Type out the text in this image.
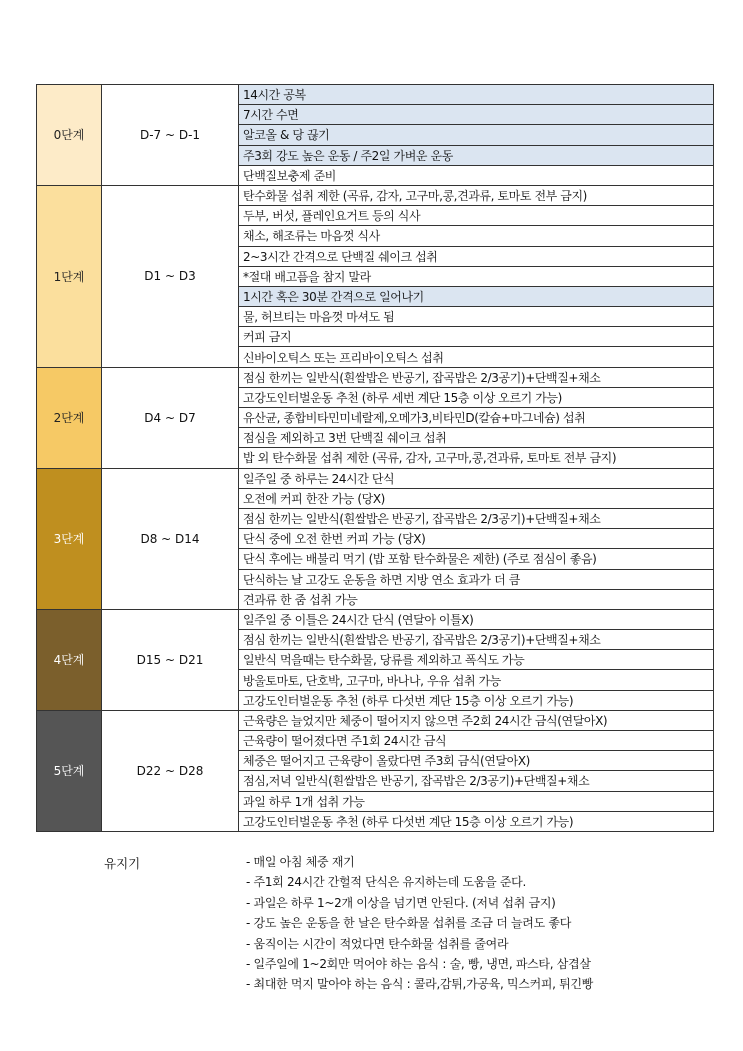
0단계	D-7 ~ D-1	14시간 공복
		7시간 수면
		알코올 & 당 끊기
		주3회 강도 높은 운동 / 주2일 가벼운 운동
		단백질보충제 준비
1단계	D1 ~ D3	탄수화물 섭취 제한 (곡류, 감자, 고구마,콩,견과류, 토마토 전부 금지)
		두부, 버섯, 플레인요거트 등의 식사
		채소, 해조류는 마음껏 식사
		2~3시간 간격으로 단백질 쉐이크 섭취
		*절대 배고픔을 참지 말라
		1시간 혹은 30분 간격으로 일어나기
		물, 허브티는 마음껏 마셔도 됨
		커피 금지
		신바이오틱스 또는 프리바이오틱스 섭취
2단계	D4 ~ D7	점심 한끼는 일반식(흰쌀밥은 반공기, 잡곡밥은 2/3공기)+단백질+채소
		고강도인터벌운동 추천 (하루 세번 계단 15층 이상 오르기 가능)
		유산균, 종합비타민미네랄제,오메가3,비타민D(칼슘+마그네슘) 섭취
		점심을 제외하고 3번 단백질 쉐이크 섭취
		밥 외 탄수화물 섭취 제한 (곡류, 감자, 고구마,콩,견과류, 토마토 전부 금지)
3단계	D8 ~ D14	일주일 중 하루는 24시간 단식
		오전에 커피 한잔 가능 (당X)
		점심 한끼는 일반식(흰쌀밥은 반공기, 잡곡밥은 2/3공기)+단백질+채소
		단식 중에 오전 한번 커피 가능 (당X)
		단식 후에는 배불리 먹기 (밥 포함 탄수화물은 제한) (주로 점심이 좋음)
		단식하는 날 고강도 운동을 하면 지방 연소 효과가 더 큼
		견과류 한 줌 섭취 가능
4단계	D15 ~ D21	일주일 중 이틀은 24시간 단식 (연달아 이틀X)
		점심 한끼는 일반식(흰쌀밥은 반공기, 잡곡밥은 2/3공기)+단백질+채소
		일반식 먹을때는 탄수화물, 당류를 제외하고 폭식도 가능
		방울토마토, 단호박, 고구마, 바나나, 우유 섭취 가능
		고강도인터벌운동 추천 (하루 다섯번 계단 15층 이상 오르기 가능)
5단계	D22 ~ D28	근육량은 늘었지만 체중이 떨어지지 않으면 주2회 24시간 금식(연달아X)
		근육량이 떨어졌다면 주1회 24시간 금식
		체중은 떨어지고 근육량이 올랐다면 주3회 금식(연달아X)
		점심,저녁 일반식(흰쌀밥은 반공기, 잡곡밥은 2/3공기)+단백질+채소
		과일 하루 1개 섭취 가능
		고강도인터벌운동 추천 (하루 다섯번 계단 15층 이상 오르기 가능)
유지기	- 매일 아침 체중 재기
- 주1회 24시간 간헐적 단식은 유지하는데 도움을 준다.
- 과일은 하루 1~2개 이상을 넘기면 안된다. (저녁 섭취 금지)
- 강도 높은 운동을 한 날은 탄수화물 섭취를 조금 더 늘려도 좋다
- 움직이는 시간이 적었다면 탄수화물 섭취를 줄여라
- 일주일에 1~2회만 먹어야 하는 음식 : 술, 빵, 냉면, 파스타, 삼겹살
- 최대한 먹지 말아야 하는 음식 : 콜라,감튀,가공육, 믹스커피, 튀긴빵
